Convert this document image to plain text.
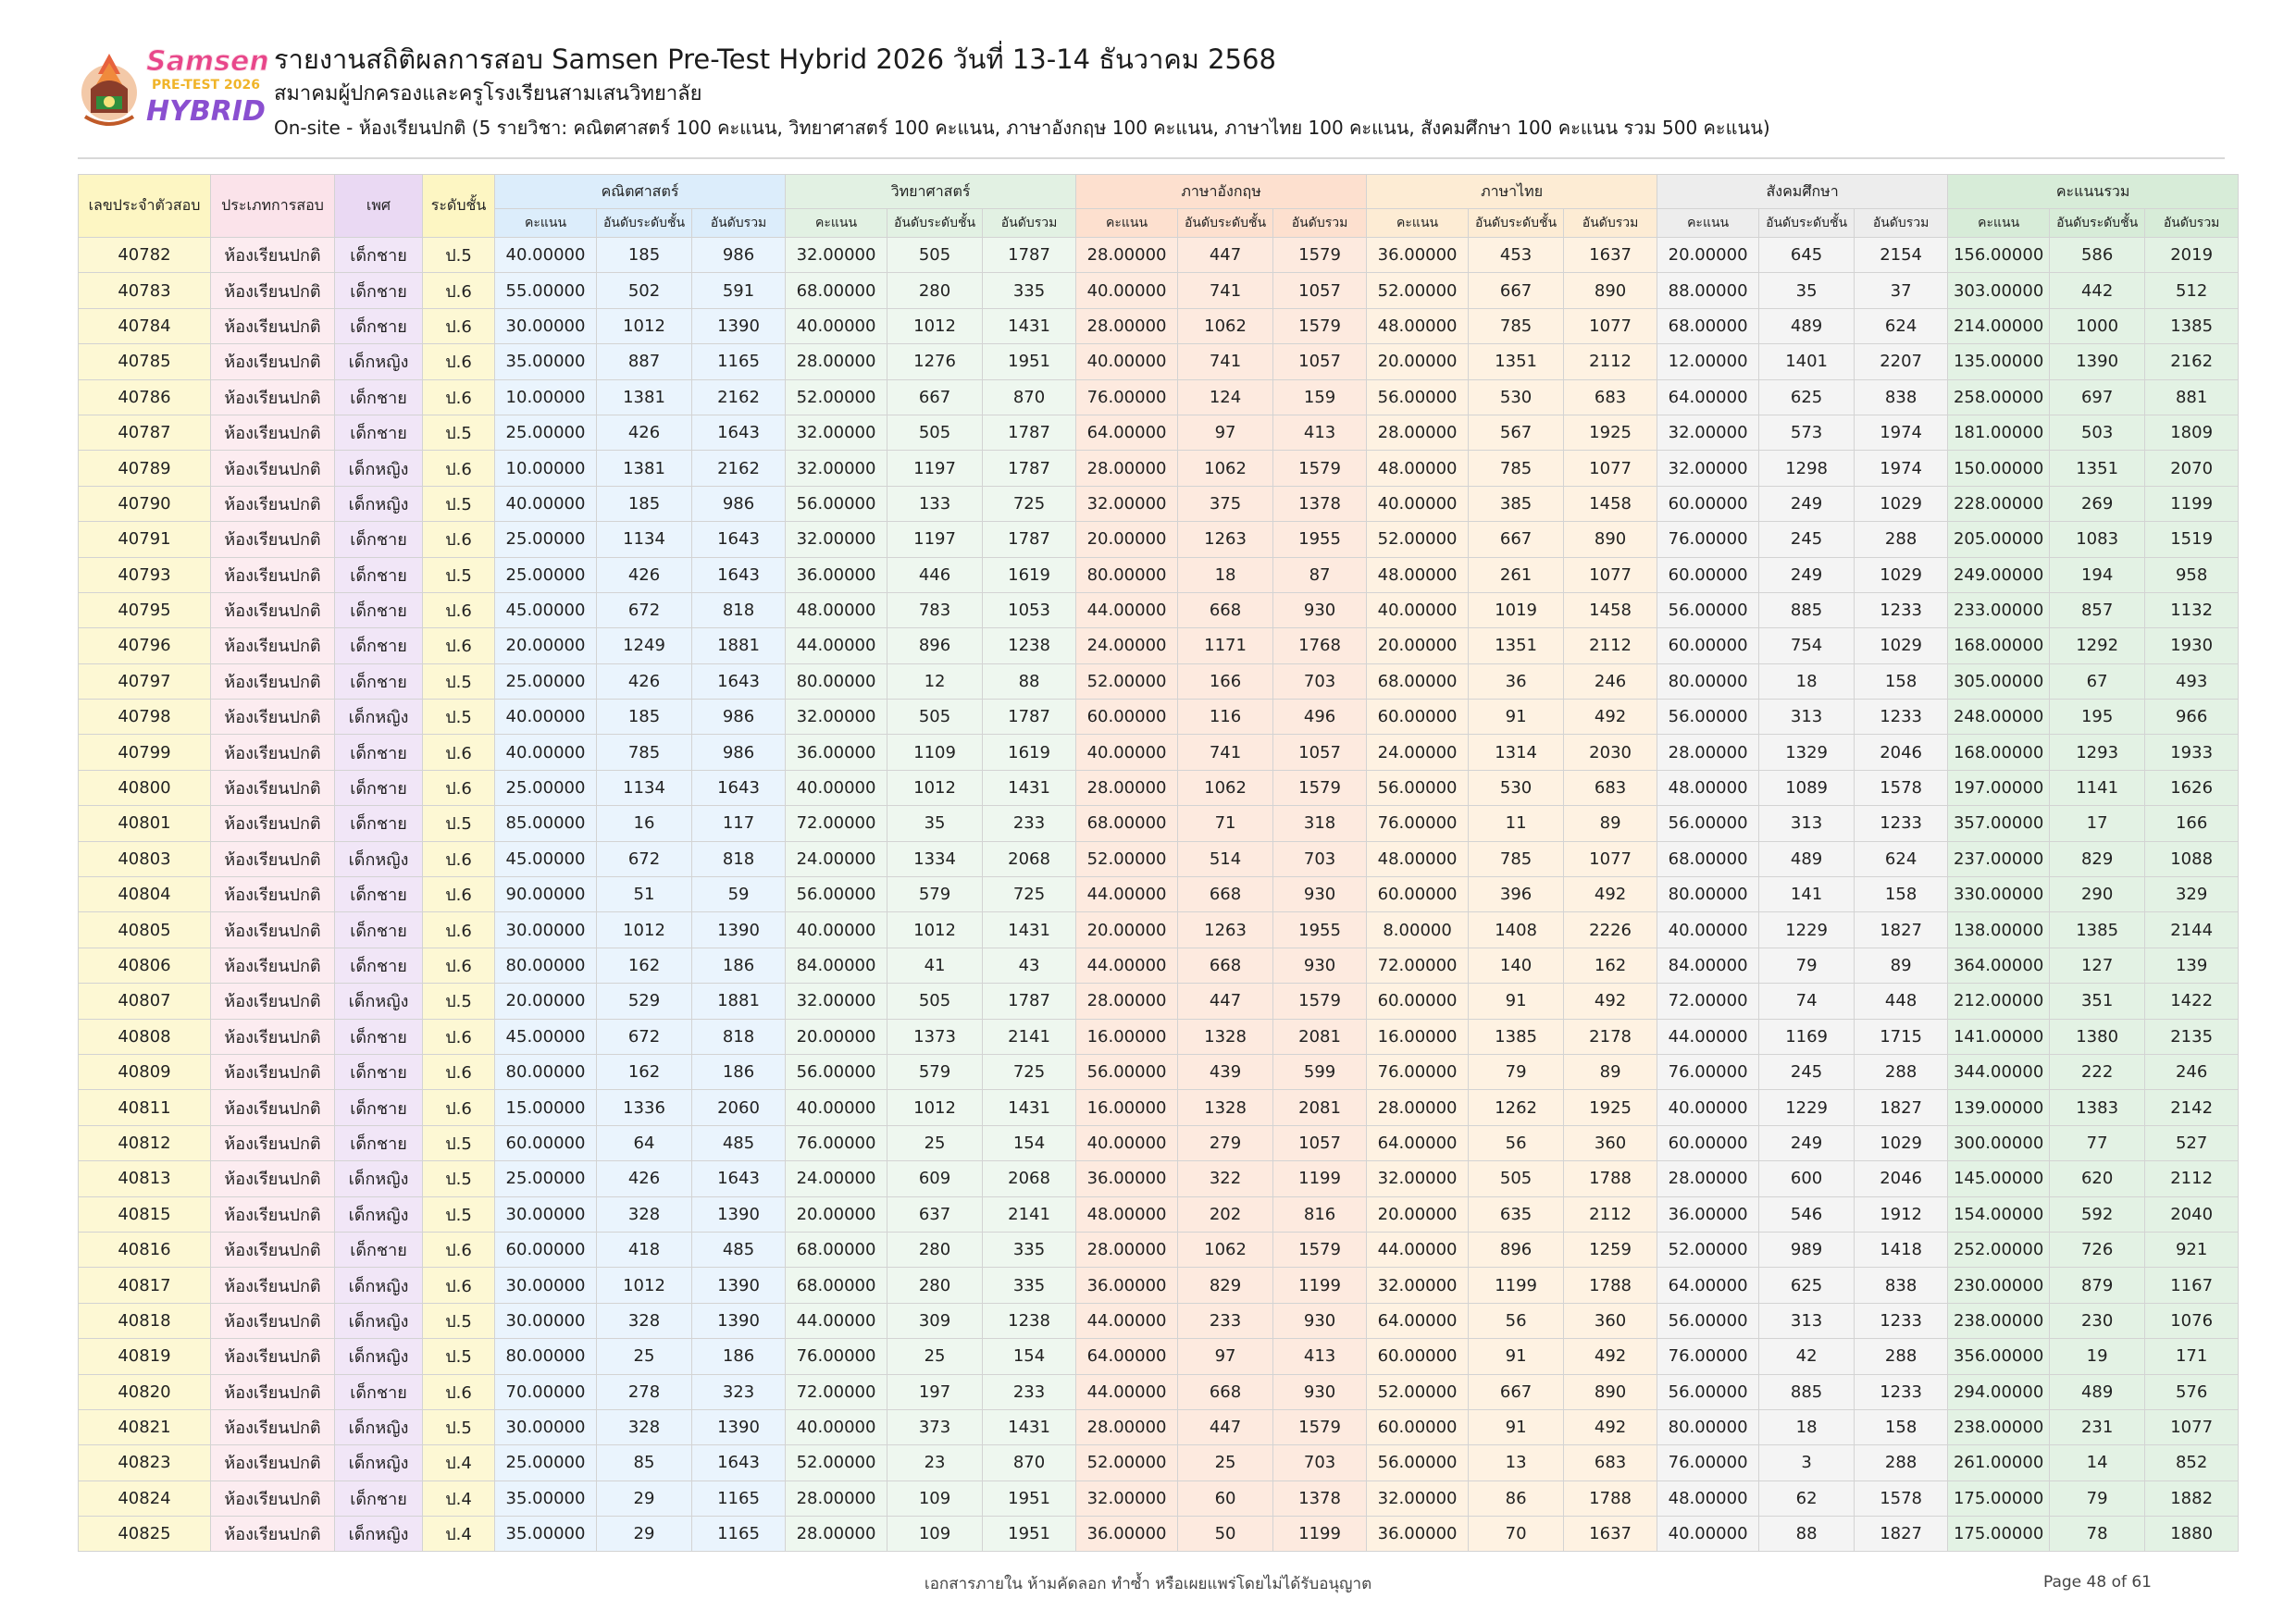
Samsen
PRE-TEST 2026
HYBRID
รายงานสถิติผลการสอบ Samsen Pre-Test Hybrid 2026 วันที่ 13-14 ธันวาคม 2568
สมาคมผู้ปกครองและครูโรงเรียนสามเสนวิทยาลัย
On-site - ห้องเรียนปกติ (5 รายวิชา: คณิตศาสตร์ 100 คะแนน, วิทยาศาสตร์ 100 คะแนน, ภาษาอังกฤษ 100 คะแนน, ภาษาไทย 100 คะแนน, สังคมศึกษา 100 คะแนน รวม 500 คะแนน)
เลขประจำตัวสอบ	ประเภทการสอบ	เพศ	ระดับชั้น	คณิตศาสตร์			วิทยาศาสตร์			ภาษาอังกฤษ			ภาษาไทย			สังคมศึกษา			คะแนนรวม		
				คะแนน	อันดับระดับชั้น	อันดับรวม	คะแนน	อันดับระดับชั้น	อันดับรวม	คะแนน	อันดับระดับชั้น	อันดับรวม	คะแนน	อันดับระดับชั้น	อันดับรวม	คะแนน	อันดับระดับชั้น	อันดับรวม	คะแนน	อันดับระดับชั้น	อันดับรวม
40782	ห้องเรียนปกติ	เด็กชาย	ป.5	40.00000	185	986	32.00000	505	1787	28.00000	447	1579	36.00000	453	1637	20.00000	645	2154	156.00000	586	2019
40783	ห้องเรียนปกติ	เด็กชาย	ป.6	55.00000	502	591	68.00000	280	335	40.00000	741	1057	52.00000	667	890	88.00000	35	37	303.00000	442	512
40784	ห้องเรียนปกติ	เด็กชาย	ป.6	30.00000	1012	1390	40.00000	1012	1431	28.00000	1062	1579	48.00000	785	1077	68.00000	489	624	214.00000	1000	1385
40785	ห้องเรียนปกติ	เด็กหญิง	ป.6	35.00000	887	1165	28.00000	1276	1951	40.00000	741	1057	20.00000	1351	2112	12.00000	1401	2207	135.00000	1390	2162
40786	ห้องเรียนปกติ	เด็กชาย	ป.6	10.00000	1381	2162	52.00000	667	870	76.00000	124	159	56.00000	530	683	64.00000	625	838	258.00000	697	881
40787	ห้องเรียนปกติ	เด็กชาย	ป.5	25.00000	426	1643	32.00000	505	1787	64.00000	97	413	28.00000	567	1925	32.00000	573	1974	181.00000	503	1809
40789	ห้องเรียนปกติ	เด็กหญิง	ป.6	10.00000	1381	2162	32.00000	1197	1787	28.00000	1062	1579	48.00000	785	1077	32.00000	1298	1974	150.00000	1351	2070
40790	ห้องเรียนปกติ	เด็กหญิง	ป.5	40.00000	185	986	56.00000	133	725	32.00000	375	1378	40.00000	385	1458	60.00000	249	1029	228.00000	269	1199
40791	ห้องเรียนปกติ	เด็กชาย	ป.6	25.00000	1134	1643	32.00000	1197	1787	20.00000	1263	1955	52.00000	667	890	76.00000	245	288	205.00000	1083	1519
40793	ห้องเรียนปกติ	เด็กชาย	ป.5	25.00000	426	1643	36.00000	446	1619	80.00000	18	87	48.00000	261	1077	60.00000	249	1029	249.00000	194	958
40795	ห้องเรียนปกติ	เด็กชาย	ป.6	45.00000	672	818	48.00000	783	1053	44.00000	668	930	40.00000	1019	1458	56.00000	885	1233	233.00000	857	1132
40796	ห้องเรียนปกติ	เด็กชาย	ป.6	20.00000	1249	1881	44.00000	896	1238	24.00000	1171	1768	20.00000	1351	2112	60.00000	754	1029	168.00000	1292	1930
40797	ห้องเรียนปกติ	เด็กชาย	ป.5	25.00000	426	1643	80.00000	12	88	52.00000	166	703	68.00000	36	246	80.00000	18	158	305.00000	67	493
40798	ห้องเรียนปกติ	เด็กหญิง	ป.5	40.00000	185	986	32.00000	505	1787	60.00000	116	496	60.00000	91	492	56.00000	313	1233	248.00000	195	966
40799	ห้องเรียนปกติ	เด็กชาย	ป.6	40.00000	785	986	36.00000	1109	1619	40.00000	741	1057	24.00000	1314	2030	28.00000	1329	2046	168.00000	1293	1933
40800	ห้องเรียนปกติ	เด็กชาย	ป.6	25.00000	1134	1643	40.00000	1012	1431	28.00000	1062	1579	56.00000	530	683	48.00000	1089	1578	197.00000	1141	1626
40801	ห้องเรียนปกติ	เด็กชาย	ป.5	85.00000	16	117	72.00000	35	233	68.00000	71	318	76.00000	11	89	56.00000	313	1233	357.00000	17	166
40803	ห้องเรียนปกติ	เด็กหญิง	ป.6	45.00000	672	818	24.00000	1334	2068	52.00000	514	703	48.00000	785	1077	68.00000	489	624	237.00000	829	1088
40804	ห้องเรียนปกติ	เด็กชาย	ป.6	90.00000	51	59	56.00000	579	725	44.00000	668	930	60.00000	396	492	80.00000	141	158	330.00000	290	329
40805	ห้องเรียนปกติ	เด็กชาย	ป.6	30.00000	1012	1390	40.00000	1012	1431	20.00000	1263	1955	8.00000	1408	2226	40.00000	1229	1827	138.00000	1385	2144
40806	ห้องเรียนปกติ	เด็กชาย	ป.6	80.00000	162	186	84.00000	41	43	44.00000	668	930	72.00000	140	162	84.00000	79	89	364.00000	127	139
40807	ห้องเรียนปกติ	เด็กหญิง	ป.5	20.00000	529	1881	32.00000	505	1787	28.00000	447	1579	60.00000	91	492	72.00000	74	448	212.00000	351	1422
40808	ห้องเรียนปกติ	เด็กชาย	ป.6	45.00000	672	818	20.00000	1373	2141	16.00000	1328	2081	16.00000	1385	2178	44.00000	1169	1715	141.00000	1380	2135
40809	ห้องเรียนปกติ	เด็กชาย	ป.6	80.00000	162	186	56.00000	579	725	56.00000	439	599	76.00000	79	89	76.00000	245	288	344.00000	222	246
40811	ห้องเรียนปกติ	เด็กชาย	ป.6	15.00000	1336	2060	40.00000	1012	1431	16.00000	1328	2081	28.00000	1262	1925	40.00000	1229	1827	139.00000	1383	2142
40812	ห้องเรียนปกติ	เด็กชาย	ป.5	60.00000	64	485	76.00000	25	154	40.00000	279	1057	64.00000	56	360	60.00000	249	1029	300.00000	77	527
40813	ห้องเรียนปกติ	เด็กหญิง	ป.5	25.00000	426	1643	24.00000	609	2068	36.00000	322	1199	32.00000	505	1788	28.00000	600	2046	145.00000	620	2112
40815	ห้องเรียนปกติ	เด็กหญิง	ป.5	30.00000	328	1390	20.00000	637	2141	48.00000	202	816	20.00000	635	2112	36.00000	546	1912	154.00000	592	2040
40816	ห้องเรียนปกติ	เด็กชาย	ป.6	60.00000	418	485	68.00000	280	335	28.00000	1062	1579	44.00000	896	1259	52.00000	989	1418	252.00000	726	921
40817	ห้องเรียนปกติ	เด็กหญิง	ป.6	30.00000	1012	1390	68.00000	280	335	36.00000	829	1199	32.00000	1199	1788	64.00000	625	838	230.00000	879	1167
40818	ห้องเรียนปกติ	เด็กหญิง	ป.5	30.00000	328	1390	44.00000	309	1238	44.00000	233	930	64.00000	56	360	56.00000	313	1233	238.00000	230	1076
40819	ห้องเรียนปกติ	เด็กหญิง	ป.5	80.00000	25	186	76.00000	25	154	64.00000	97	413	60.00000	91	492	76.00000	42	288	356.00000	19	171
40820	ห้องเรียนปกติ	เด็กชาย	ป.6	70.00000	278	323	72.00000	197	233	44.00000	668	930	52.00000	667	890	56.00000	885	1233	294.00000	489	576
40821	ห้องเรียนปกติ	เด็กหญิง	ป.5	30.00000	328	1390	40.00000	373	1431	28.00000	447	1579	60.00000	91	492	80.00000	18	158	238.00000	231	1077
40823	ห้องเรียนปกติ	เด็กหญิง	ป.4	25.00000	85	1643	52.00000	23	870	52.00000	25	703	56.00000	13	683	76.00000	3	288	261.00000	14	852
40824	ห้องเรียนปกติ	เด็กชาย	ป.4	35.00000	29	1165	28.00000	109	1951	32.00000	60	1378	32.00000	86	1788	48.00000	62	1578	175.00000	79	1882
40825	ห้องเรียนปกติ	เด็กหญิง	ป.4	35.00000	29	1165	28.00000	109	1951	36.00000	50	1199	36.00000	70	1637	40.00000	88	1827	175.00000	78	1880
เอกสารภายใน ห้ามคัดลอก ทำซ้ำ หรือเผยแพร่โดยไม่ได้รับอนุญาต	Page 48 of 61
